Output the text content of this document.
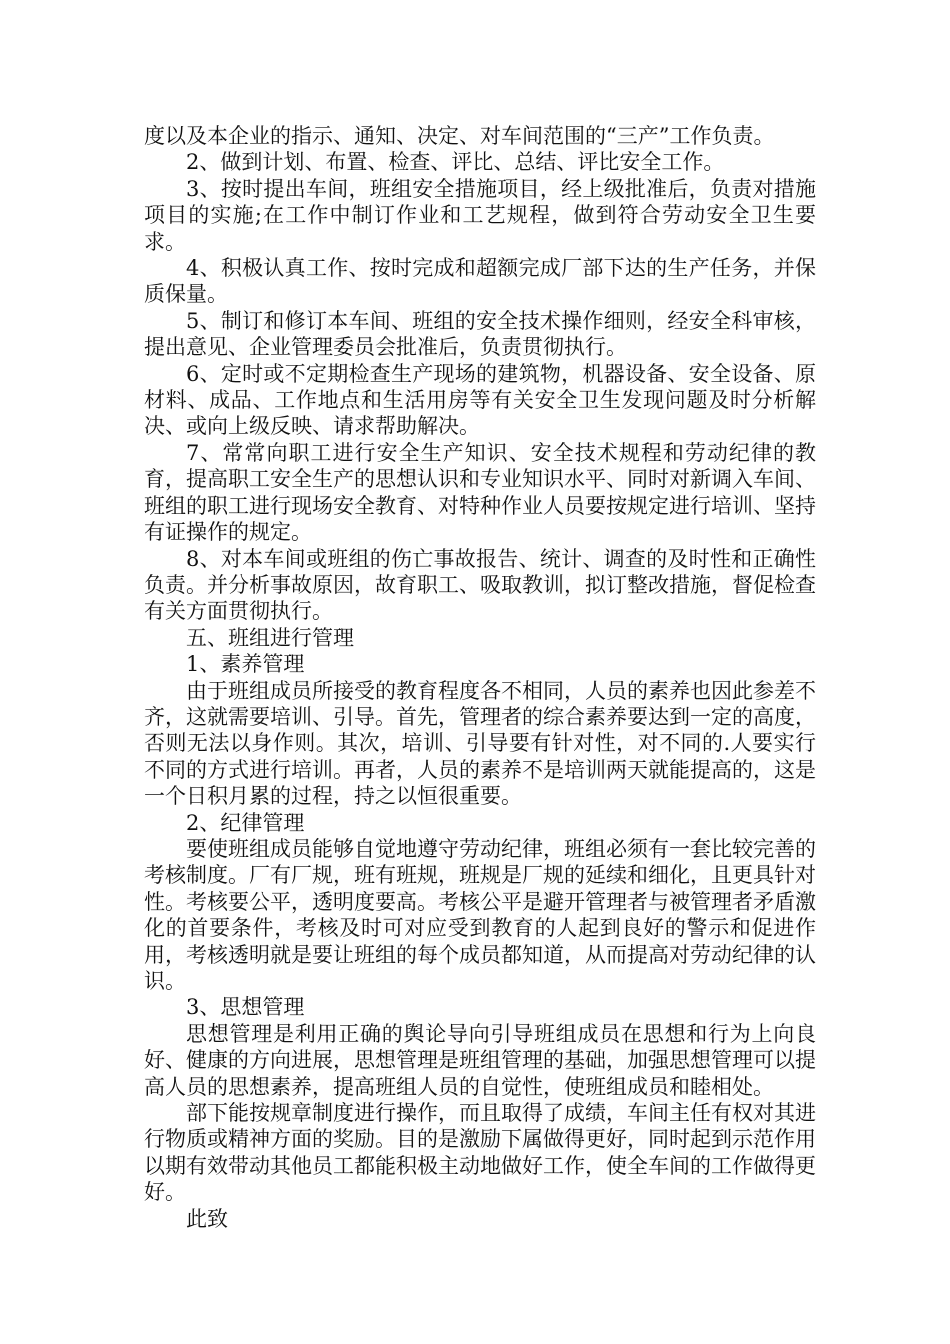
度以及本企业的指示、通知、决定、对车间范围的“三产”工作负责。

2、做到计划、布置、检查、评比、总结、评比安全工作。

3、按时提出车间，班组安全措施项目，经上级批准后，负责对措施项目的实施;在工作中制订作业和工艺规程，做到符合劳动安全卫生要求。

4、积极认真工作、按时完成和超额完成厂部下达的生产任务，并保质保量。

5、制订和修订本车间、班组的安全技术操作细则，经安全科审核，提出意见、企业管理委员会批准后，负责贯彻执行。

6、定时或不定期检查生产现场的建筑物，机器设备、安全设备、原材料、成品、工作地点和生活用房等有关安全卫生发现问题及时分析解决、或向上级反映、请求帮助解决。

7、常常向职工进行安全生产知识、安全技术规程和劳动纪律的教育，提高职工安全生产的思想认识和专业知识水平、同时对新调入车间、班组的职工进行现场安全教育、对特种作业人员要按规定进行培训、坚持有证操作的规定。

8、对本车间或班组的伤亡事故报告、统计、调查的及时性和正确性负责。并分析事故原因，故育职工、吸取教训，拟订整改措施，督促检查有关方面贯彻执行。

五、班组进行管理

1、素养管理

由于班组成员所接受的教育程度各不相同，人员的素养也因此参差不齐，这就需要培训、引导。首先，管理者的综合素养要达到一定的高度，否则无法以身作则。其次，培训、引导要有针对性，对不同的.人要实行不同的方式进行培训。再者，人员的素养不是培训两天就能提高的，这是一个日积月累的过程，持之以恒很重要。

2、纪律管理

要使班组成员能够自觉地遵守劳动纪律，班组必须有一套比较完善的考核制度。厂有厂规，班有班规，班规是厂规的延续和细化，且更具针对性。考核要公平，透明度要高。考核公平是避开管理者与被管理者矛盾激化的首要条件，考核及时可对应受到教育的人起到良好的警示和促进作用，考核透明就是要让班组的每个成员都知道，从而提高对劳动纪律的认识。

3、思想管理

思想管理是利用正确的舆论导向引导班组成员在思想和行为上向良好、健康的方向进展，思想管理是班组管理的基础，加强思想管理可以提高人员的思想素养，提高班组人员的自觉性，使班组成员和睦相处。

部下能按规章制度进行操作，而且取得了成绩，车间主任有权对其进行物质或精神方面的奖励。目的是激励下属做得更好，同时起到示范作用以期有效带动其他员工都能积极主动地做好工作，使全车间的工作做得更好。

此致
